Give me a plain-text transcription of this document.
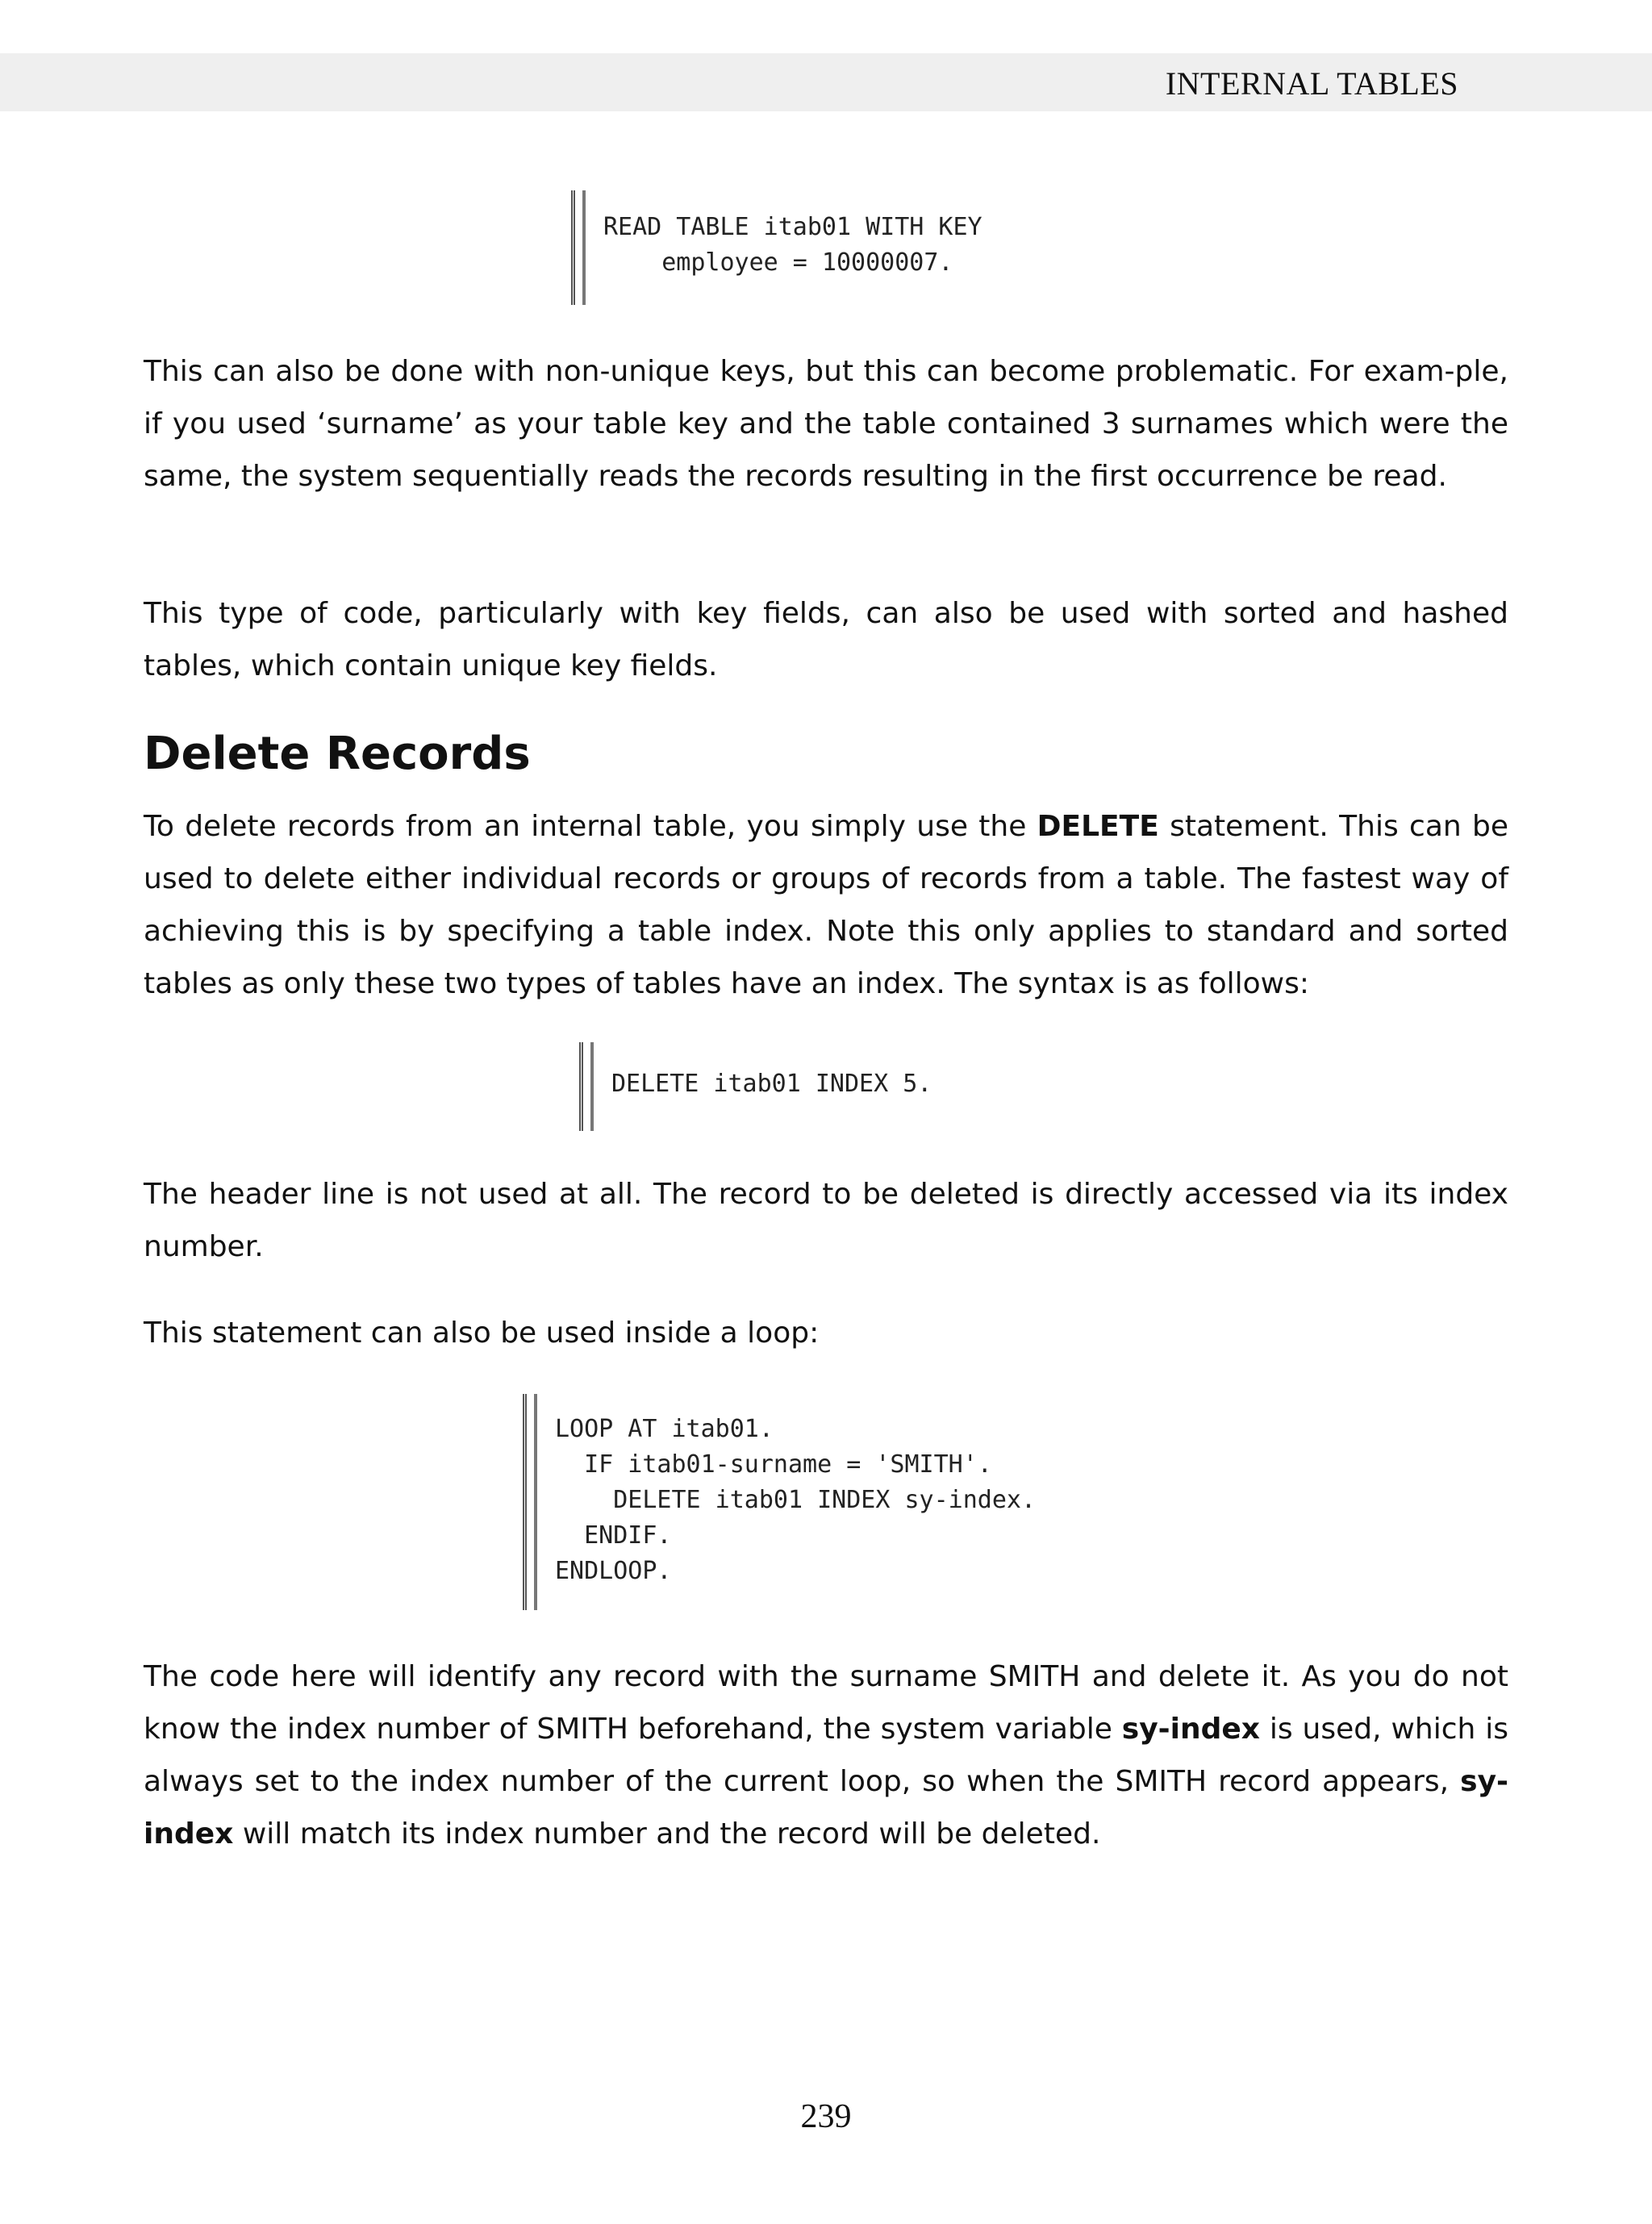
INTERNAL TABLES
READ TABLE itab01 WITH KEY
employee = 10000007.

This can also be done with non-unique keys, but this can become problematic. For exam-ple, if you used ‘surname’ as your table key and the table contained 3 surnames which were the same, the system sequentially reads the records resulting in the first occurrence be read.

This type of code, particularly with key fields, can also be used with sorted and hashed tables, which contain unique key fields.

Delete Records

To delete records from an internal table, you simply use the DELETE statement. This can be used to delete either individual records or groups of records from a table. The fastest way of achieving this is by specifying a table index. Note this only applies to standard and sorted tables as only these two types of tables have an index. The syntax is as follows:

DELETE itab01 INDEX 5.

The header line is not used at all. The record to be deleted is directly accessed via its index number.

This statement can also be used inside a loop:

LOOP AT itab01.
IF itab01-surname = 'SMITH'.
DELETE itab01 INDEX sy-index.
ENDIF.
ENDLOOP.

The code here will identify any record with the surname SMITH and delete it. As you do not know the index number of SMITH beforehand, the system variable sy-index is used, which is always set to the index number of the current loop, so when the SMITH record appears, sy-index will match its index number and the record will be deleted.

239
